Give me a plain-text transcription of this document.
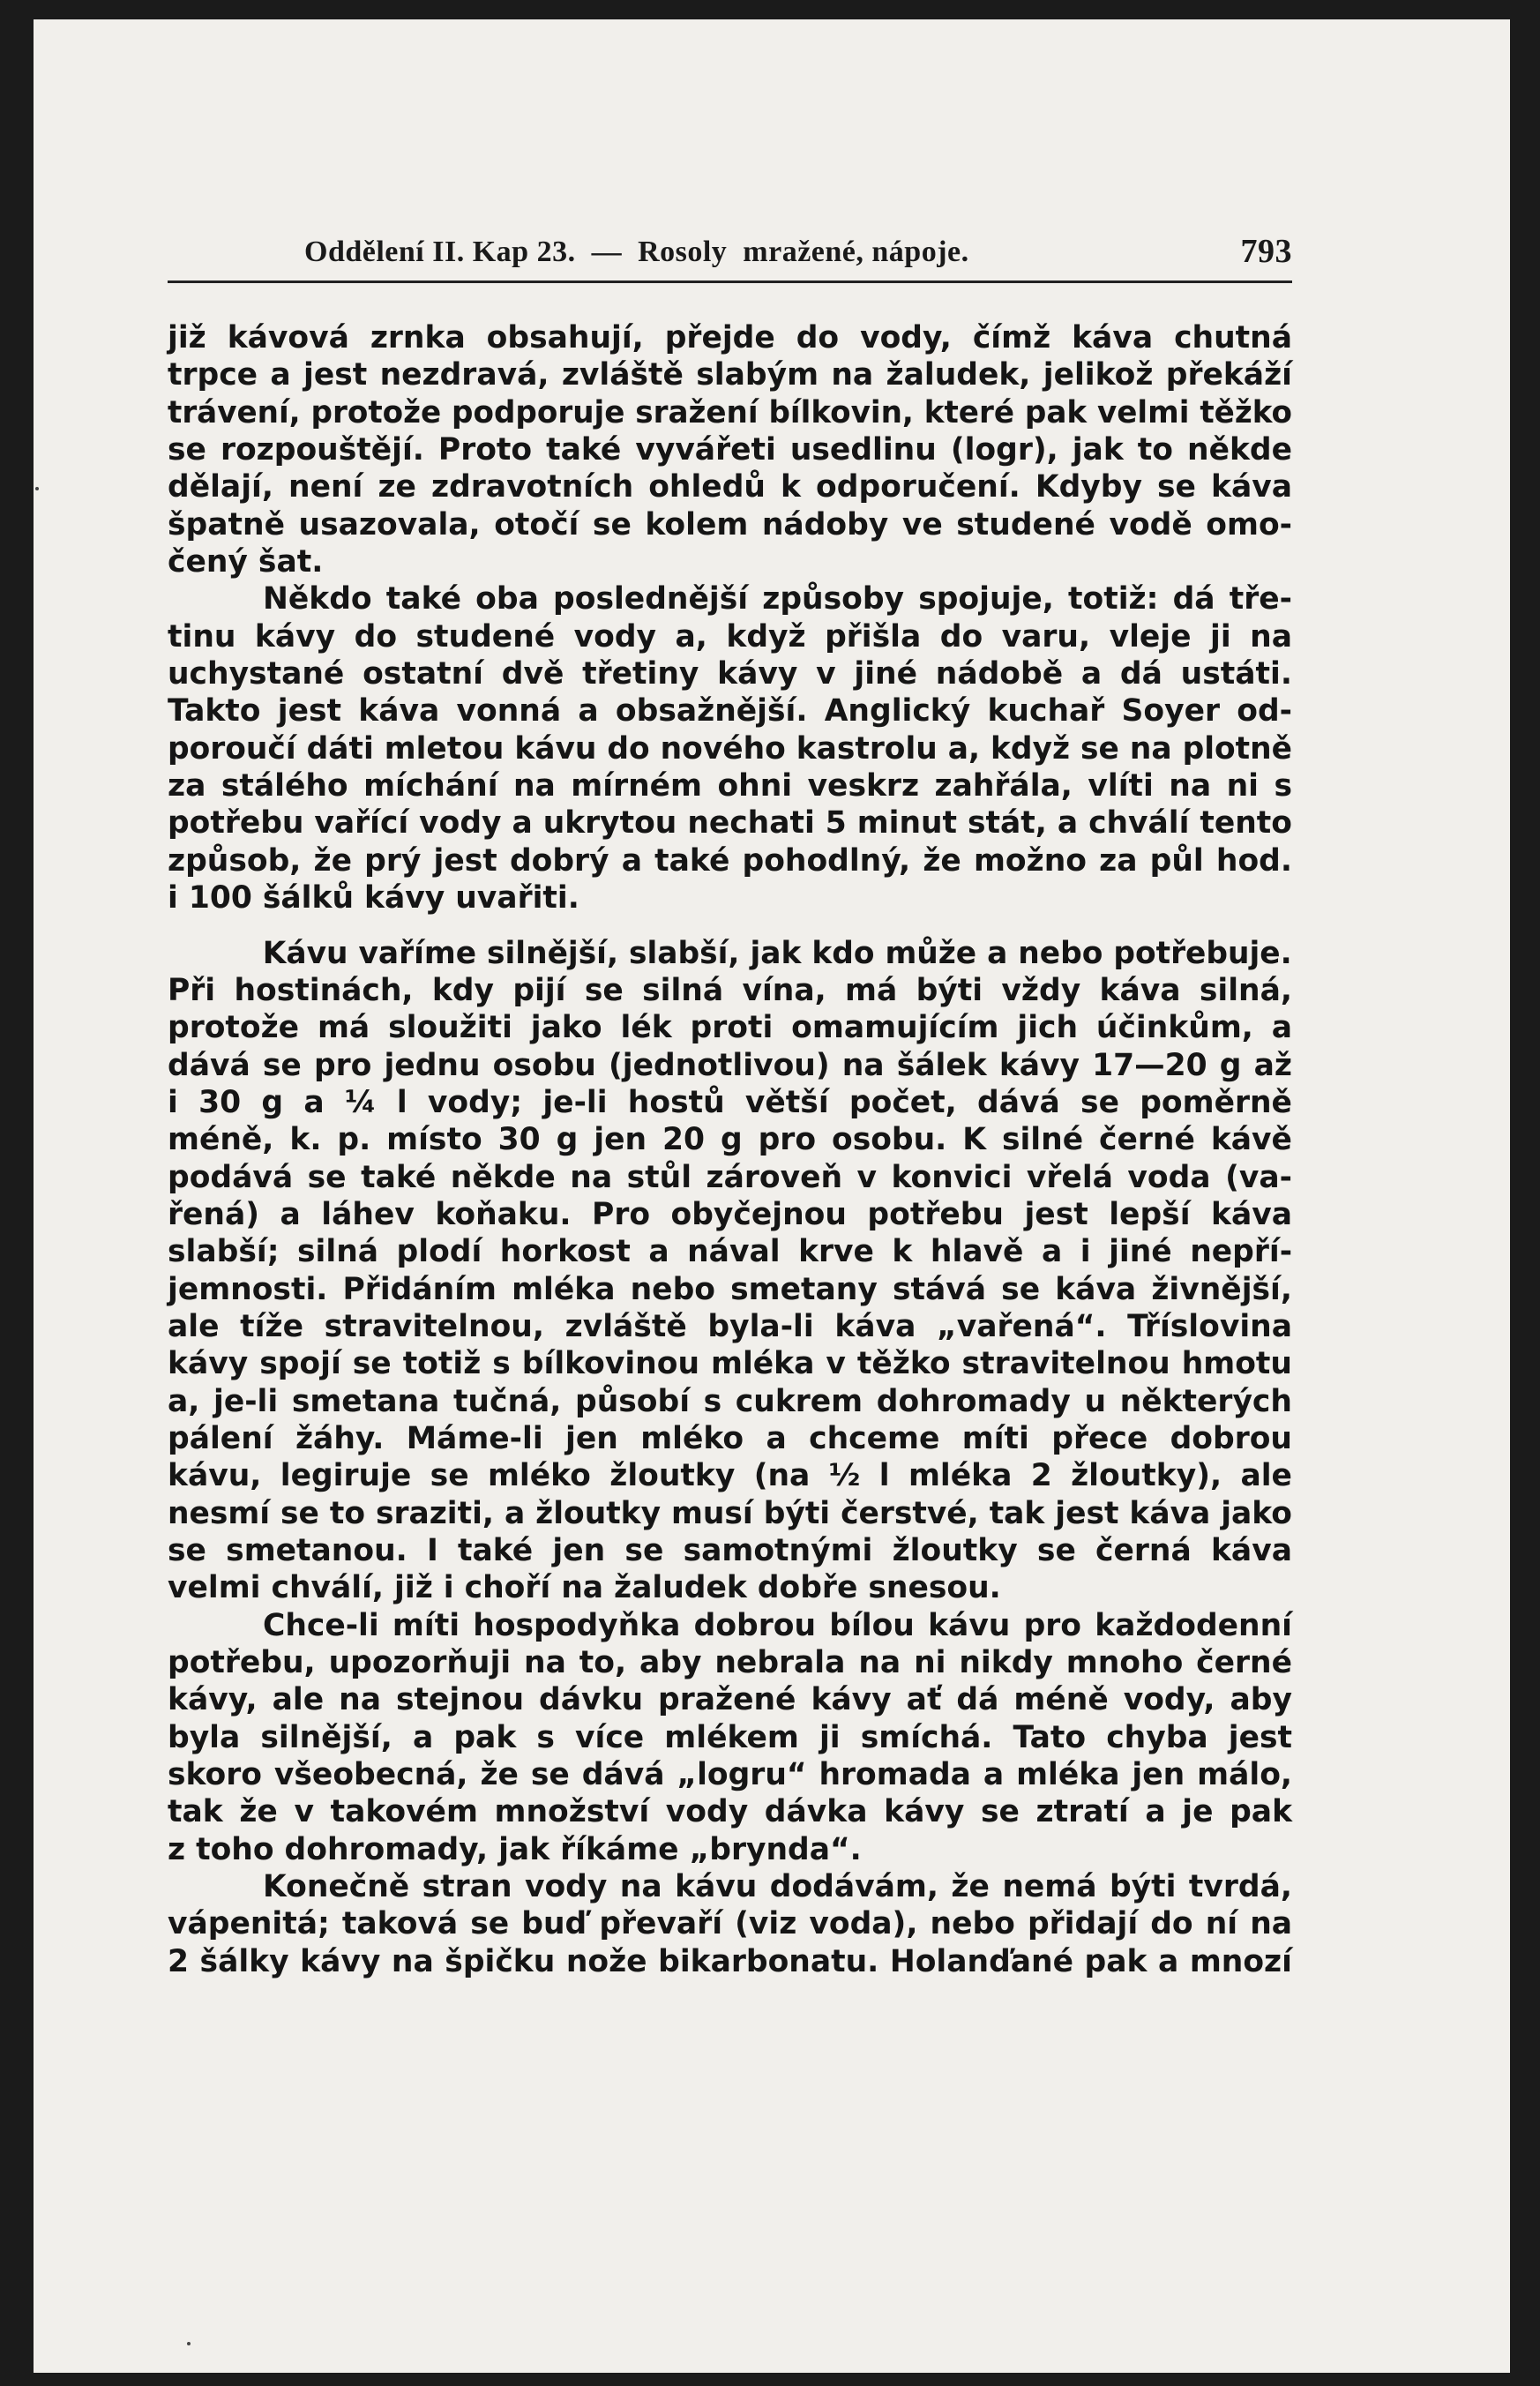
Oddělení II. Kap 23.  —  Rosoly  mražené, nápoje.	793

již kávová zrnka obsahují, přejde do vody, čímž káva chutná
trpce a jest nezdravá, zvláště slabým na žaludek, jelikož překáží
trávení, protože podporuje sražení bílkovin, které pak velmi těžko
se rozpouštějí. Proto také vyvářeti usedlinu (logr), jak to někde
dělají, není ze zdravotních ohledů k odporučení. Kdyby se káva
špatně usazovala, otočí se kolem nádoby ve studené vodě omo-
čený šat.

Někdo také oba poslednější způsoby spojuje, totiž: dá tře-
tinu kávy do studené vody a, když přišla do varu, vleje ji na
uchystané ostatní dvě třetiny kávy v jiné nádobě a dá ustáti.
Takto jest káva vonná a obsažnější. Anglický kuchař Soyer od-
poroučí dáti mletou kávu do nového kastrolu a, když se na plotně
za stálého míchání na mírném ohni veskrz zahřála, vlíti na ni s
potřebu vařící vody a ukrytou nechati 5 minut stát, a chválí tento
způsob, že prý jest dobrý a také pohodlný, že možno za půl hod.
i 100 šálků kávy uvařiti.

Kávu vaříme silnější, slabší, jak kdo může a nebo potřebuje.
Při hostinách, kdy pijí se silná vína, má býti vždy káva silná,
protože má sloužiti jako lék proti omamujícím jich účinkům, a
dává se pro jednu osobu (jednotlivou) na šálek kávy 17—20 g až
i 30 g a ¼ l vody; je-li hostů větší počet, dává se poměrně
méně, k. p. místo 30 g jen 20 g pro osobu. K silné černé kávě
podává se také někde na stůl zároveň v konvici vřelá voda (va-
řená) a láhev koňaku. Pro obyčejnou potřebu jest lepší káva
slabší; silná plodí horkost a nával krve k hlavě a i jiné nepří-
jemnosti. Přidáním mléka nebo smetany stává se káva živnější,
ale tíže stravitelnou, zvláště byla-li káva „vařená“. Tříslovina
kávy spojí se totiž s bílkovinou mléka v těžko stravitelnou hmotu
a, je-li smetana tučná, působí s cukrem dohromady u některých
pálení žáhy. Máme-li jen mléko a chceme míti přece dobrou
kávu, legiruje se mléko žloutky (na ½ l mléka 2 žloutky), ale
nesmí se to sraziti, a žloutky musí býti čerstvé, tak jest káva jako
se smetanou. I také jen se samotnými žloutky se černá káva
velmi chválí, již i choří na žaludek dobře snesou.

Chce-li míti hospodyňka dobrou bílou kávu pro každodenní
potřebu, upozorňuji na to, aby nebrala na ni nikdy mnoho černé
kávy, ale na stejnou dávku pražené kávy ať dá méně vody, aby
byla silnější, a pak s více mlékem ji smíchá. Tato chyba jest
skoro všeobecná, že se dává „logru“ hromada a mléka jen málo,
tak že v takovém množství vody dávka kávy se ztratí a je pak
z toho dohromady, jak říkáme „brynda“.

Konečně stran vody na kávu dodávám, že nemá býti tvrdá,
vápenitá; taková se buď převaří (viz voda), nebo přidají do ní na
2 šálky kávy na špičku nože bikarbonatu. Holanďané pak a mnozí
